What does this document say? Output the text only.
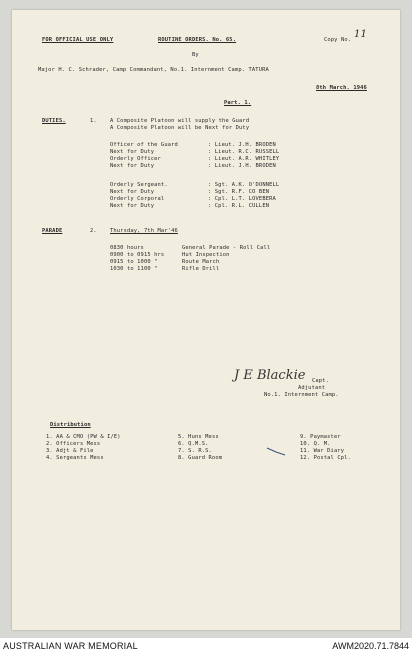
FOR OFFICIAL USE ONLY	ROUTINE ORDERS. No. 65.	Copy No. 11
By
Major H. C. Schrader, Camp Commandant, No.1. Internment Camp. TATURA
8th March. 1946
Part. 1.
DUTIES.	1. A Composite Platoon will supply the Guard
A Composite Platoon will be Next for Duty
Officer of the Guard	: Lieut. J.H. BRODEN
Next for Duty	: Lieut. R.C. RUSSELL
Orderly Officer	: Lieut. A.R. WHITLEY
Next for Duty	: Lieut. J.H. BRODEN
Orderly Sergeant.	: Sgt. A.K. O'DONNELL
Next for Duty	: Sgt. R.F. CO BEN
Orderly Corporal	: Cpl. L.T. LOVEBERA
Next for Duty	: Cpl. R.L. CULLEN
PARADE	2. Thursday, 7th Mar'46
0830 hours	General Parade - Roll Call
0900 to 0915 hrs	Hut Inspection
0915 to 1000 "	Route March
1030 to 1100 "	Rifle Drill
J E Blackie Capt.
Adjutant
No.1. Internment Camp.
Distribution
1. AA & CMO (PW & I/E)
2. Officers Mess
3. Adjt & File
4. Sergeants Mess
5. Huns Mess
6. Q.M.S.
7. S. R.S.
8. Guard Room
9. Paymaster
10. Q. M.
11. War Diary
12. Postal Cpl.
AUSTRALIAN WAR MEMORIAL	AWM2020.71.7844
